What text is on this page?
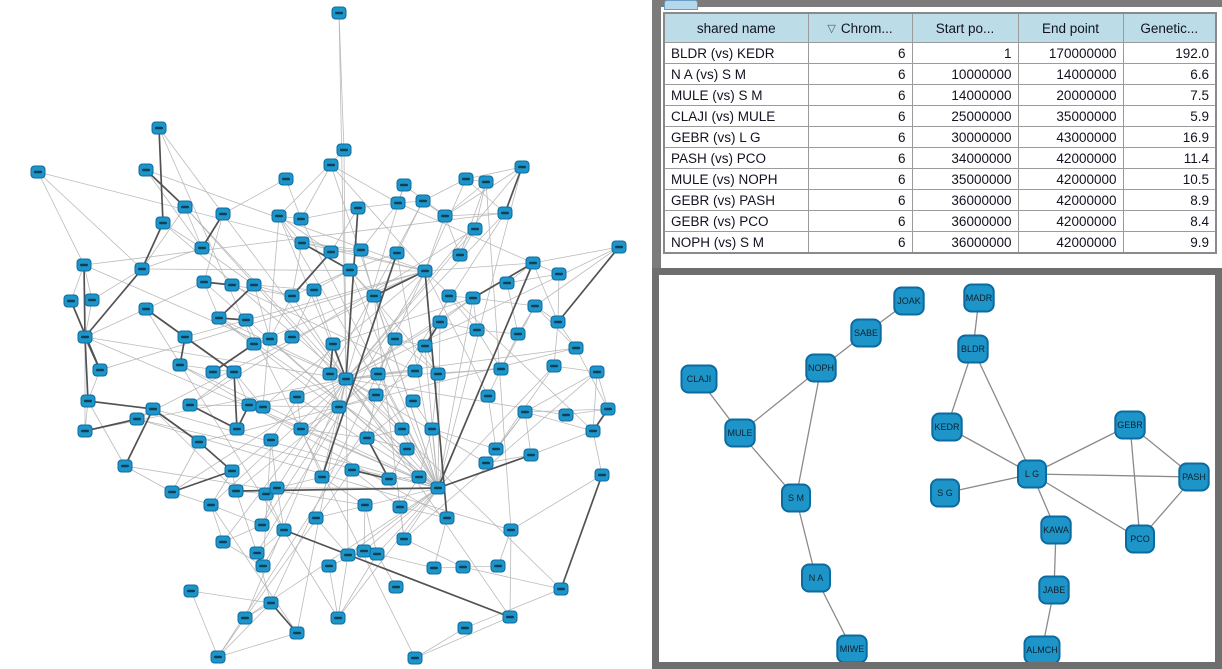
shared name	▽ Chrom...	Start po...	End point	Genetic...
BLDR (vs) KEDR	6	1	170000000	192.0
N A (vs) S M	6	10000000	14000000	6.6
MULE (vs) S M	6	14000000	20000000	7.5
CLAJI (vs) MULE	6	25000000	35000000	5.9
GEBR (vs) L G	6	30000000	43000000	16.9
PASH (vs) PCO	6	34000000	42000000	11.4
MULE (vs) NOPH	6	35000000	42000000	10.5
GEBR (vs) PASH	6	36000000	42000000	8.9
GEBR (vs) PCO	6	36000000	42000000	8.4
NOPH (vs) S M	6	36000000	42000000	9.9
JOAK	MADR
SABE
BLDR
NOPH
CLAJI
MULE
KEDR	GEBR
L G
S G
PASH
S M
KAWA
PCO
N A
JABE
MIWE	ALMCH
